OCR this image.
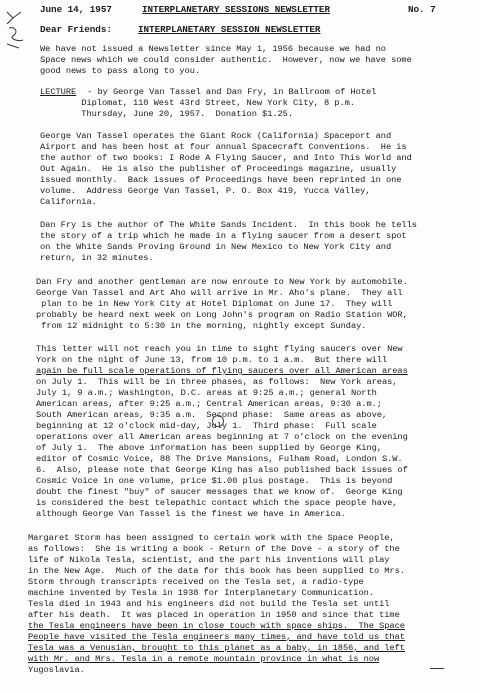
June 14, 1957	INTERPLANETARY SESSIONS NEWSLETTER	No. 7
Dear Friends:	INTERPLANETARY SESSION NEWSLETTER
We have not issued a Newsletter since May 1, 1956 because we had no
Space news which we could consider authentic.  However, now we have some
good news to pass along to you.
LECTURE - by George Van Tassel and Dan Fry, in Ballroom of Hotel
Diplomat, 110 West 43rd Street, New York City, 8 p.m.
Thursday, June 20, 1957.  Donation $1.25.
George Van Tassel operates the Giant Rock (California) Spaceport and
Airport and has been host at four annual Spacecraft Conventions.  He is
the author of two books: I Rode A Flying Saucer, and Into This World and
Out Again.  He is also the publisher of Proceedings magazine, usually
issued monthly.  Back issues of Proceedings have been reprinted in one
volume.  Address George Van Tassel, P. O. Box 419, Yucca Valley,
California.
Dan Fry is the author of The White Sands Incident.  In this book he tells
the story of a trip which he made in a flying saucer from a desert spot
on the White Sands Proving Ground in New Mexico to New York City and
return, in 32 minutes.
Dan Fry and another gentleman are now enroute to New York by automobile.
George Van Tassel and Art Aho will arrive in Mr. Aho's plane.  They all
plan to be in New York City at Hotel Diplomat on June 17.  They will
probably be heard next week on Long John's program on Radio Station WOR,
from 12 midnight to 5:30 in the morning, nightly except Sunday.
This letter will not reach you in time to sight flying saucers over New
York on the night of June 13, from 10 p.m. to 1 a.m.  But there will
again be full scale operations of flying saucers over all American areas
on July 1.  This will be in three phases, as follows:  New York areas,
July 1, 9 a.m.; Washington, D.C. areas at 9:25 a.m.; general North
American areas, after 9:25 a.m.; Central American areas, 9:30 a.m.;
South American areas, 9:35 a.m.  Second phase:  Same areas as above,
beginning at 12 o'clock mid-day, July 1.  Third phase:  Full scale
operations over all American areas beginning at 7 o'clock on the evening
of July 1.  The above information has been supplied by George King,
editor of Cosmic Voice, 88 The Drive Mansions, Fulham Road, London S.W.
6.  Also, please note that George King has also published back issues of
Cosmic Voice in one volume, price $1.00 plus postage.  This is beyond
doubt the finest "buy" of saucer messages that we know of.  George King
is considered the best telepathic contact which the space people have,
although George Van Tassel is the finest we have in America.
Margaret Storm has been assigned to certain work with the Space People,
as follows:  She is writing a book - Return of the Dove - a story of the
life of Nikola Tesla, scientist, and the part his inventions will play
in the New Age.  Much of the data for this book has been supplied to Mrs.
Storm through transcripts received on the Tesla set, a radio-type
machine invented by Tesla in 1938 for Interplanetary Communication.
Tesla died in 1943 and his engineers did not build the Tesla set until
after his death.  It was placed in operation in 1950 and since that time
the Tesla engineers have been in close touch with space ships.  The Space
People have visited the Tesla engineers many times, and have told us that
Tesla was a Venusian, brought to this planet as a baby, in 1856, and left
with Mr. and Mrs. Tesla in a remote mountain province in what is now
Yugoslavia.
